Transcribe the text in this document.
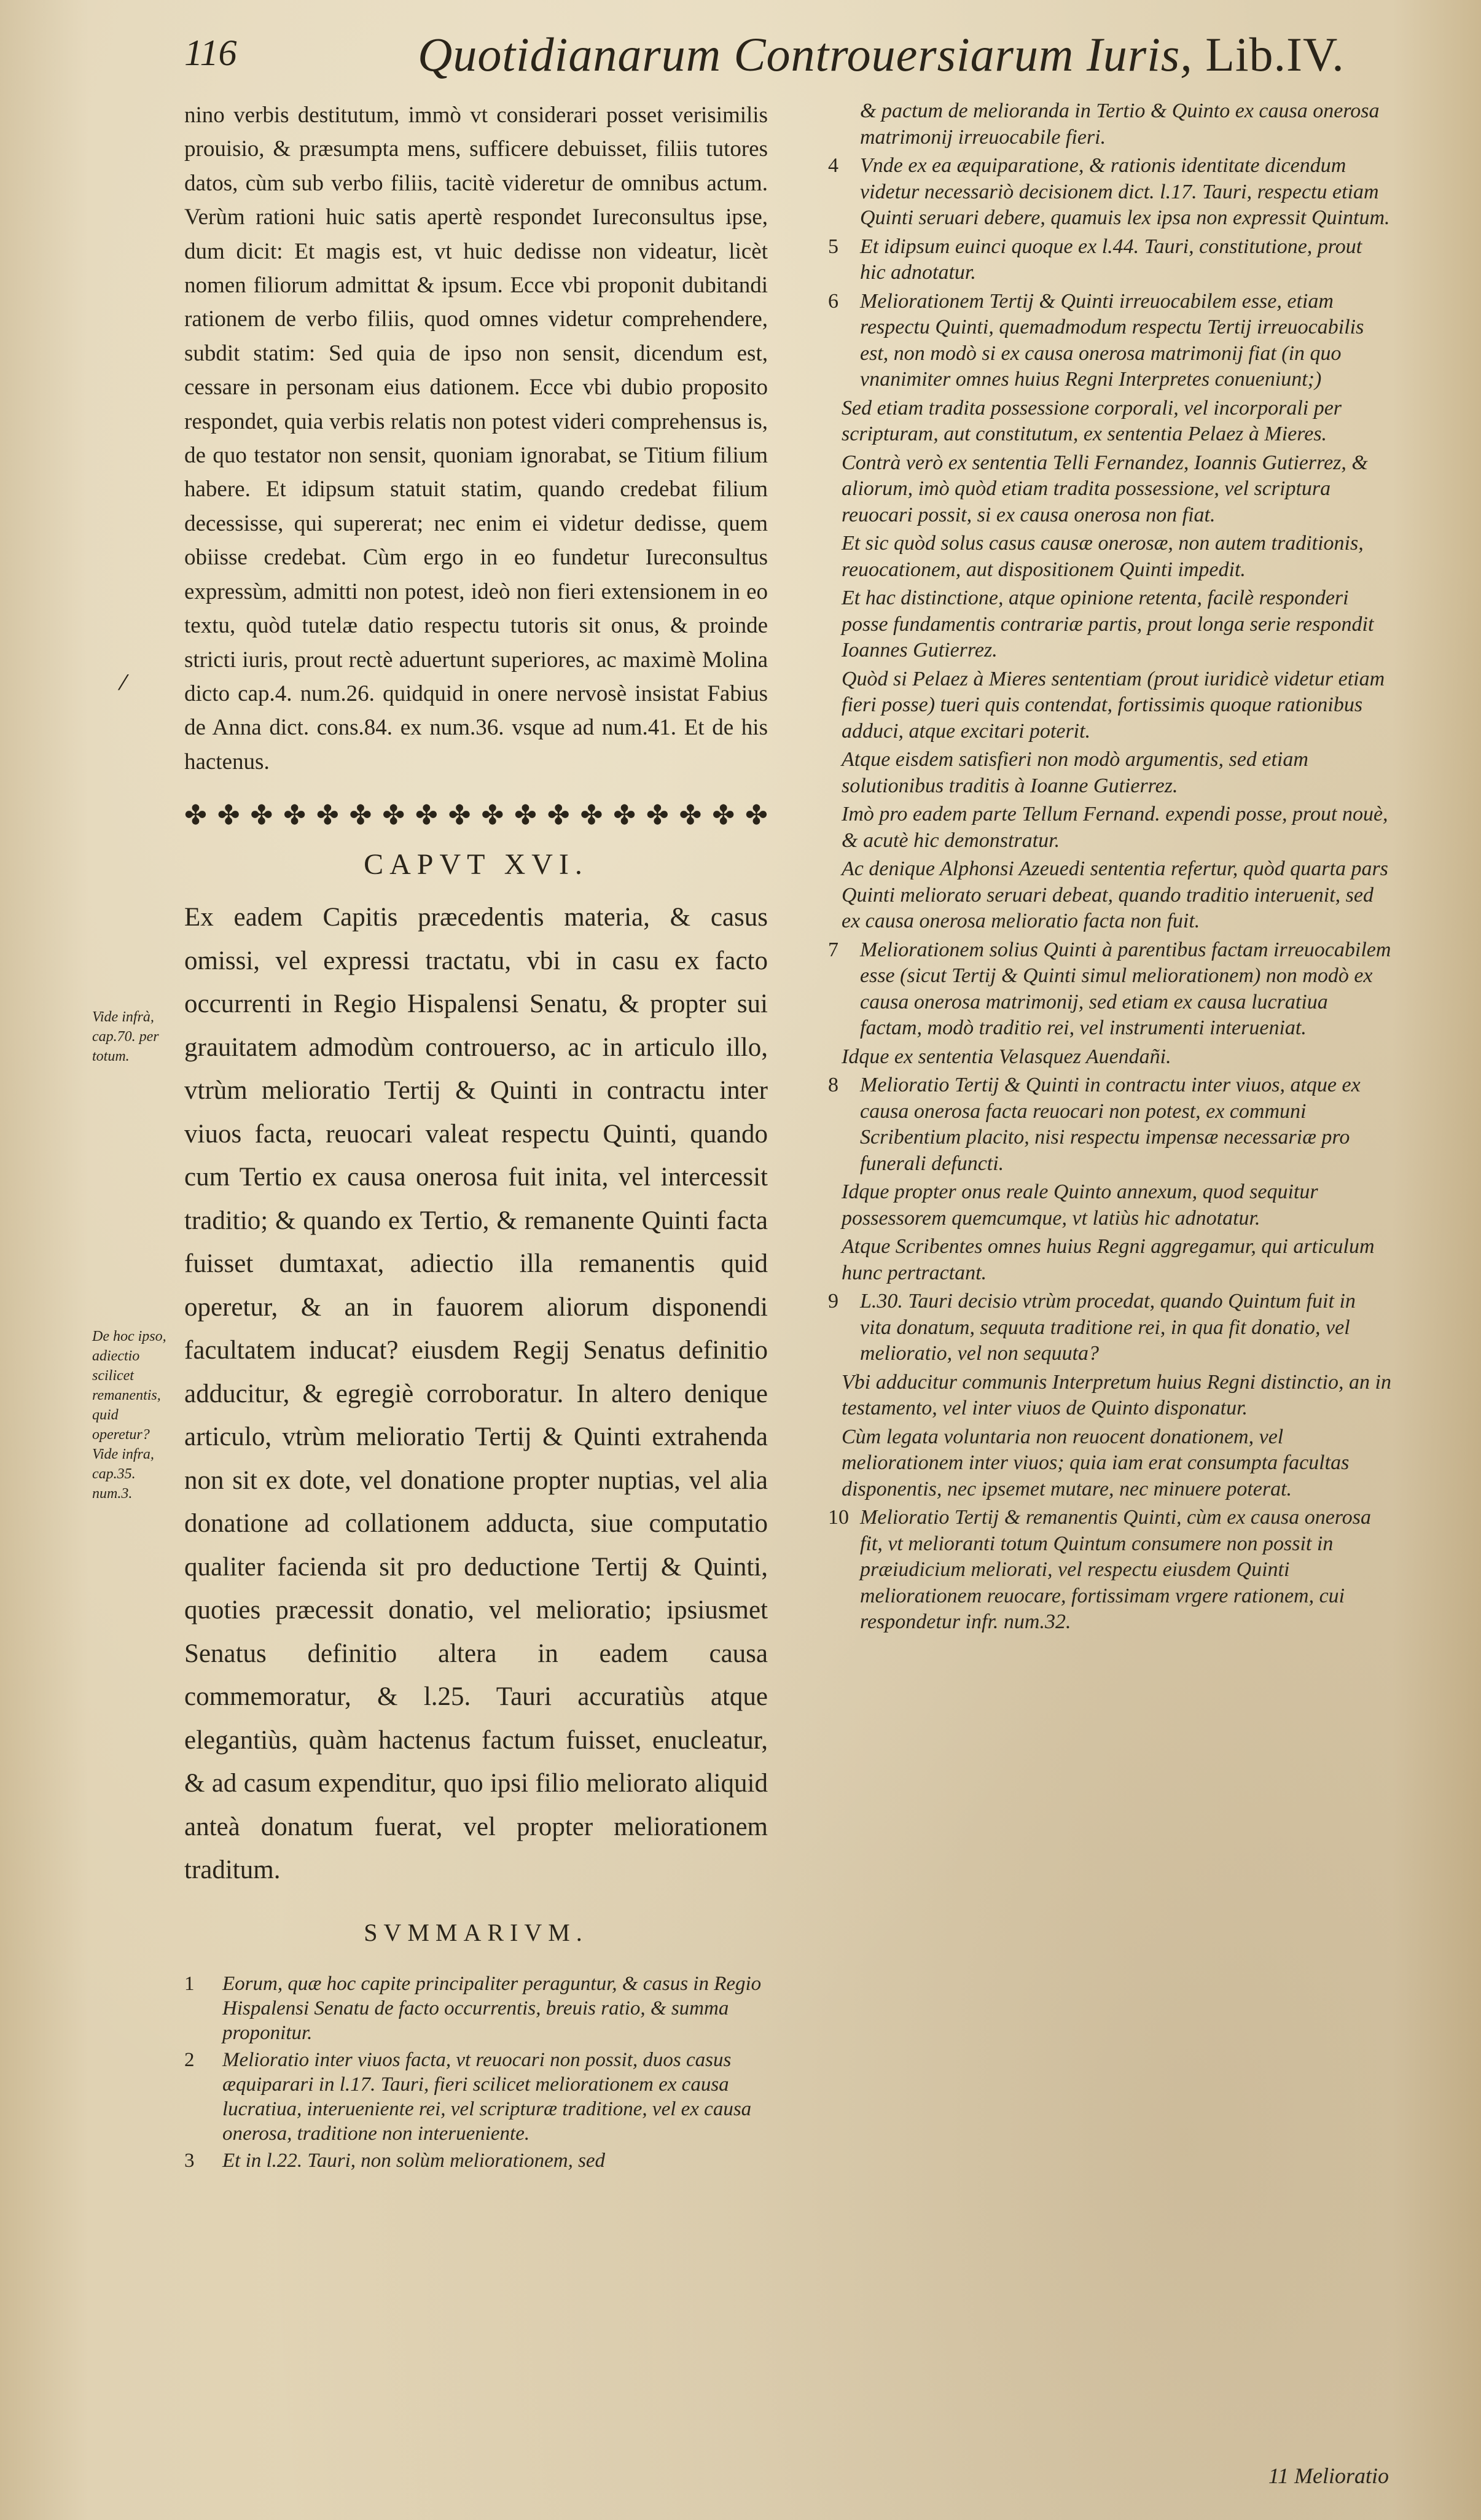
116	Quotidianarum Controuersiarum Iuris, Lib.IV.

nino verbis destitutum, immò vt considerari posset verisimilis prouisio, & præsumpta mens, sufficere debuisset, filiis tutores datos, cùm sub verbo filiis, tacitè videretur de omnibus actum. Verùm rationi huic satis apertè respondet Iureconsultus ipse, dum dicit: Et magis est, vt huic dedisse non videatur, licèt nomen filiorum admittat & ipsum. Ecce vbi proponit dubitandi rationem de verbo filiis, quod omnes videtur comprehendere, subdit statim: Sed quia de ipso non sensit, dicendum est, cessare in personam eius dationem. Ecce vbi dubio proposito respondet, quia verbis relatis non potest videri comprehensus is, de quo testator non sensit, quoniam ignorabat, se Titium filium habere. Et idipsum statuit statim, quando credebat filium decessisse, qui supererat; nec enim ei videtur dedisse, quem obiisse credebat. Cùm ergo in eo fundetur Iureconsultus expressùm, admitti non potest, ideò non fieri extensionem in eo textu, quòd tutelæ datio respectu tutoris sit onus, & proinde stricti iuris, prout rectè aduertunt superiores, ac maximè Molina dicto cap.4. num.26. quidquid in onere nervosè insistat Fabius de Anna dict. cons.84. ex num.36. vsque ad num.41. Et de his hactenus.

✤ ✤ ✤ ✤ ✤ ✤ ✤ ✤ ✤ ✤ ✤ ✤ ✤ ✤ ✤ ✤ ✤ ✤
CAPVT XVI.

Ex eadem Capitis præcedentis materia, & casus omissi, vel expressi tractatu, vbi in casu ex facto occurrenti in Regio Hispalensi Senatu, & propter sui grauitatem admodùm controuerso, ac in articulo illo, vtrùm melioratio Tertij & Quinti in contractu inter viuos facta, reuocari valeat respectu Quinti, quando cum Tertio ex causa onerosa fuit inita, vel intercessit traditio; & quando ex Tertio, & remanente Quinti facta fuisset dumtaxat, adiectio illa remanentis quid operetur, & an in fauorem aliorum disponendi facultatem inducat? eiusdem Regij Senatus definitio adducitur, & egregiè corroboratur. In altero denique articulo, vtrùm melioratio Tertij & Quinti extrahenda non sit ex dote, vel donatione propter nuptias, vel alia donatione ad collationem adducta, siue computatio qualiter facienda sit pro deductione Tertij & Quinti, quoties præcessit donatio, vel melioratio; ipsiusmet Senatus definitio altera in eadem causa commemoratur, & l.25. Tauri accuratiùs atque elegantiùs, quàm hactenus factum fuisset, enucleatur, & ad casum expenditur, quo ipsi filio meliorato aliquid anteà donatum fuerat, vel propter meliorationem traditum.

SVMMARIVM.
1 Eorum, quæ hoc capite principaliter peraguntur, & casus in Regio Hispalensi Senatu de facto occurrentis, breuis ratio, & summa proponitur.
2 Melioratio inter viuos facta, vt reuocari non possit, duos casus æquiparari in l.17. Tauri, fieri scilicet meliorationem ex causa lucratiua, interueniente rei, vel scripturæ traditione, vel ex causa onerosa, traditione non interueniente.
3 Et in l.22. Tauri, non solùm meliorationem, sed
⁄
Vide infrà, cap.70. per totum.
De hoc ipso, adiectio scilicet remanentis, quid operetur? Vide infra, cap.35. num.3.
& pactum de melioranda in Tertio & Quinto ex causa onerosa matrimonij irreuocabile fieri.
4 Vnde ex ea æquiparatione, & rationis identitate dicendum videtur necessariò decisionem dict. l.17. Tauri, respectu etiam Quinti seruari debere, quamuis lex ipsa non expressit Quintum.
5 Et idipsum euinci quoque ex l.44. Tauri, constitutione, prout hic adnotatur.
6 Meliorationem Tertij & Quinti irreuocabilem esse, etiam respectu Quinti, quemadmodum respectu Tertij irreuocabilis est, non modò si ex causa onerosa matrimonij fiat (in quo vnanimiter omnes huius Regni Interpretes conueniunt;)
Sed etiam tradita possessione corporali, vel incorporali per scripturam, aut constitutum, ex sententia Pelaez à Mieres.
Contrà verò ex sententia Telli Fernandez, Ioannis Gutierrez, & aliorum, imò quòd etiam tradita possessione, vel scriptura reuocari possit, si ex causa onerosa non fiat.
Et sic quòd solus casus causæ onerosæ, non autem traditionis, reuocationem, aut dispositionem Quinti impedit.
Et hac distinctione, atque opinione retenta, facilè responderi posse fundamentis contrariæ partis, prout longa serie respondit Ioannes Gutierrez.
Quòd si Pelaez à Mieres sententiam (prout iuridicè videtur etiam fieri posse) tueri quis contendat, fortissimis quoque rationibus adduci, atque excitari poterit.
Atque eisdem satisfieri non modò argumentis, sed etiam solutionibus traditis à Ioanne Gutierrez.
Imò pro eadem parte Tellum Fernand. expendi posse, prout nouè, & acutè hic demonstratur.
Ac denique Alphonsi Azeuedi sententia refertur, quòd quarta pars Quinti meliorato seruari debeat, quando traditio interuenit, sed ex causa onerosa melioratio facta non fuit.
7 Meliorationem solius Quinti à parentibus factam irreuocabilem esse (sicut Tertij & Quinti simul meliorationem) non modò ex causa onerosa matrimonij, sed etiam ex causa lucratiua factam, modò traditio rei, vel instrumenti interueniat.
Idque ex sententia Velasquez Auendañi.
8 Melioratio Tertij & Quinti in contractu inter viuos, atque ex causa onerosa facta reuocari non potest, ex communi Scribentium placito, nisi respectu impensæ necessariæ pro funerali defuncti.
Idque propter onus reale Quinto annexum, quod sequitur possessorem quemcumque, vt latiùs hic adnotatur.
Atque Scribentes omnes huius Regni aggregamur, qui articulum hunc pertractant.
9 L.30. Tauri decisio vtrùm procedat, quando Quintum fuit in vita donatum, sequuta traditione rei, in qua fit donatio, vel melioratio, vel non sequuta?
Vbi adducitur communis Interpretum huius Regni distinctio, an in testamento, vel inter viuos de Quinto disponatur.
Cùm legata voluntaria non reuocent donationem, vel meliorationem inter viuos; quia iam erat consumpta facultas disponentis, nec ipsemet mutare, nec minuere poterat.
10 Melioratio Tertij & remanentis Quinti, cùm ex causa onerosa fit, vt melioranti totum Quintum consumere non possit in præiudicium meliorati, vel respectu eiusdem Quinti meliorationem reuocare, fortissimam vrgere rationem, cui respondetur infr. num.32.
11 Melioratio
